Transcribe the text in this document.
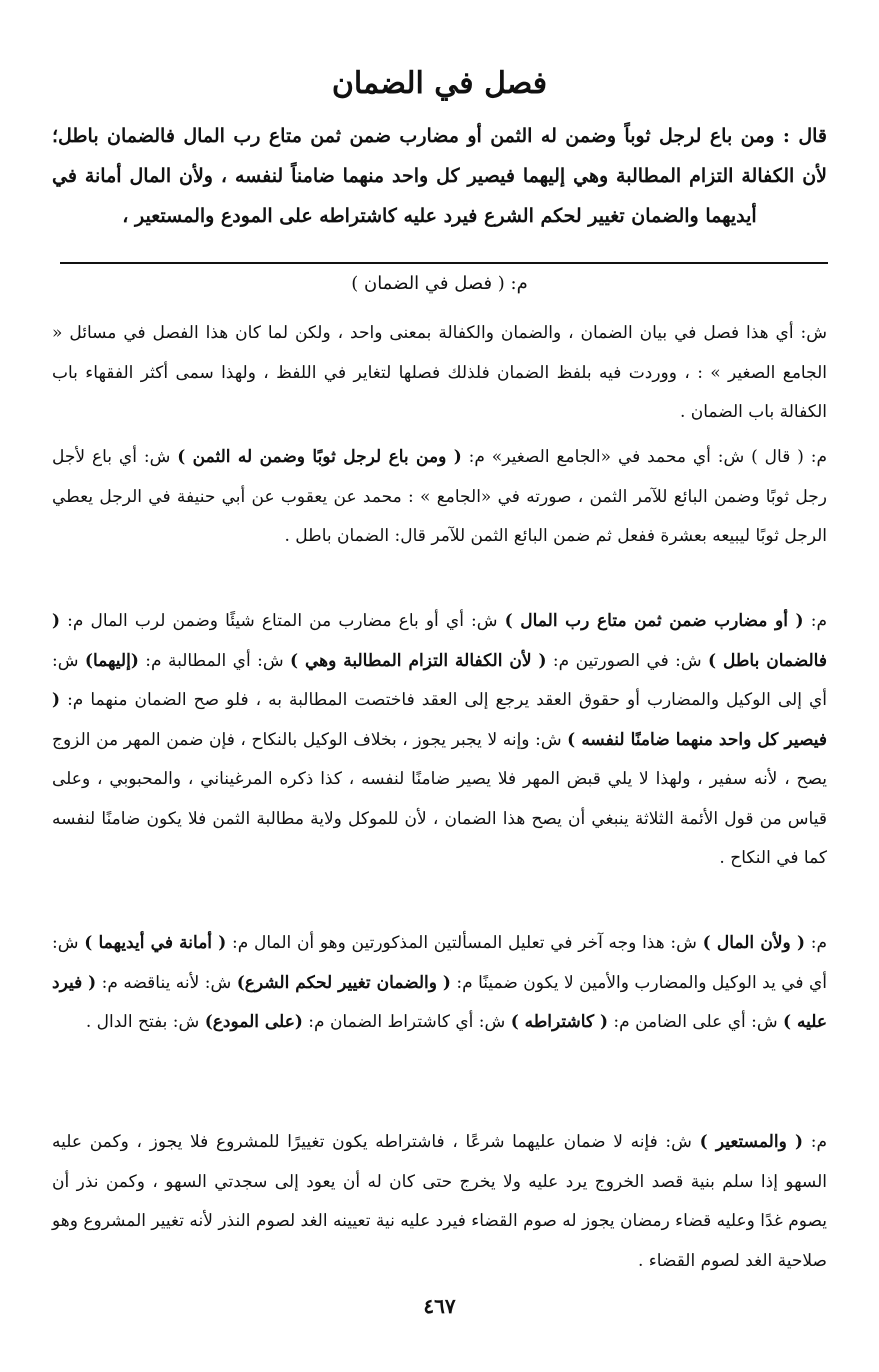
فصل في الضمان
قال : ومن باع لرجل ثوباً وضمن له الثمن أو مضارب ضمن ثمن متاع رب المال فالضمان باطل؛ لأن الكفالة التزام المطالبة وهي إليهما فيصير كل واحد منهما ضامناً لنفسه ، ولأن المال أمانة في أيديهما والضمان تغيير لحكم الشرع فيرد عليه كاشتراطه على المودع والمستعير ،
م: ( فصل في الضمان )

ش: أي هذا فصل في بيان الضمان ، والضمان والكفالة بمعنى واحد ، ولكن لما كان هذا الفصل في مسائل « الجامع الصغير » : ، ووردت فيه بلفظ الضمان فلذلك فصلها لتغاير في اللفظ ، ولهذا سمى أكثر الفقهاء باب الكفالة باب الضمان .

م: ( قال ) ش: أي محمد في «الجامع الصغير» م: ( ومن باع لرجل ثوبًا وضمن له الثمن ) ش: أي باع لأجل رجل ثوبًا وضمن البائع للآمر الثمن ، صورته في «الجامع » : محمد عن يعقوب عن أبي حنيفة في الرجل يعطي الرجل ثوبًا ليبيعه بعشرة ففعل ثم ضمن البائع الثمن للآمر قال: الضمان باطل .

م: ( أو مضارب ضمن ثمن متاع رب المال ) ش: أي أو باع مضارب من المتاع شيئًا وضمن لرب المال م: ( فالضمان باطل ) ش: في الصورتين م: ( لأن الكفالة التزام المطالبة وهي ) ش: أي المطالبة م: (إليهما) ش: أي إلى الوكيل والمضارب أو حقوق العقد يرجع إلى العقد فاختصت المطالبة به ، فلو صح الضمان منهما م: ( فيصير كل واحد منهما ضامنًا لنفسه ) ش: وإنه لا يجبر يجوز ، بخلاف الوكيل بالنكاح ، فإن ضمن المهر من الزوج يصح ، لأنه سفير ، ولهذا لا يلي قبض المهر فلا يصير ضامنًا لنفسه ، كذا ذكره المرغيناني ، والمحبوبي ، وعلى قياس من قول الأئمة الثلاثة ينبغي أن يصح هذا الضمان ، لأن للموكل ولاية مطالبة الثمن فلا يكون ضامنًا لنفسه كما في النكاح .

م: ( ولأن المال ) ش: هذا وجه آخر في تعليل المسألتين المذكورتين وهو أن المال م: ( أمانة في أيديهما ) ش: أي في يد الوكيل والمضارب والأمين لا يكون ضمينًا م: ( والضمان تغيير لحكم الشرع) ش: لأنه يناقضه م: ( فيرد عليه ) ش: أي على الضامن م: ( كاشتراطه ) ش: أي كاشتراط الضمان م: (على المودع) ش: بفتح الدال .

م: ( والمستعير ) ش: فإنه لا ضمان عليهما شرعًا ، فاشتراطه يكون تغييرًا للمشروع فلا يجوز ، وكمن عليه السهو إذا سلم بنية قصد الخروج يرد عليه ولا يخرج حتى كان له أن يعود إلى سجدتي السهو ، وكمن نذر أن يصوم غدًا وعليه قضاء رمضان يجوز له صوم القضاء فيرد عليه نية تعيينه الغد لصوم النذر لأنه تغيير المشروع وهو صلاحية الغد لصوم القضاء .

٤٦٧
